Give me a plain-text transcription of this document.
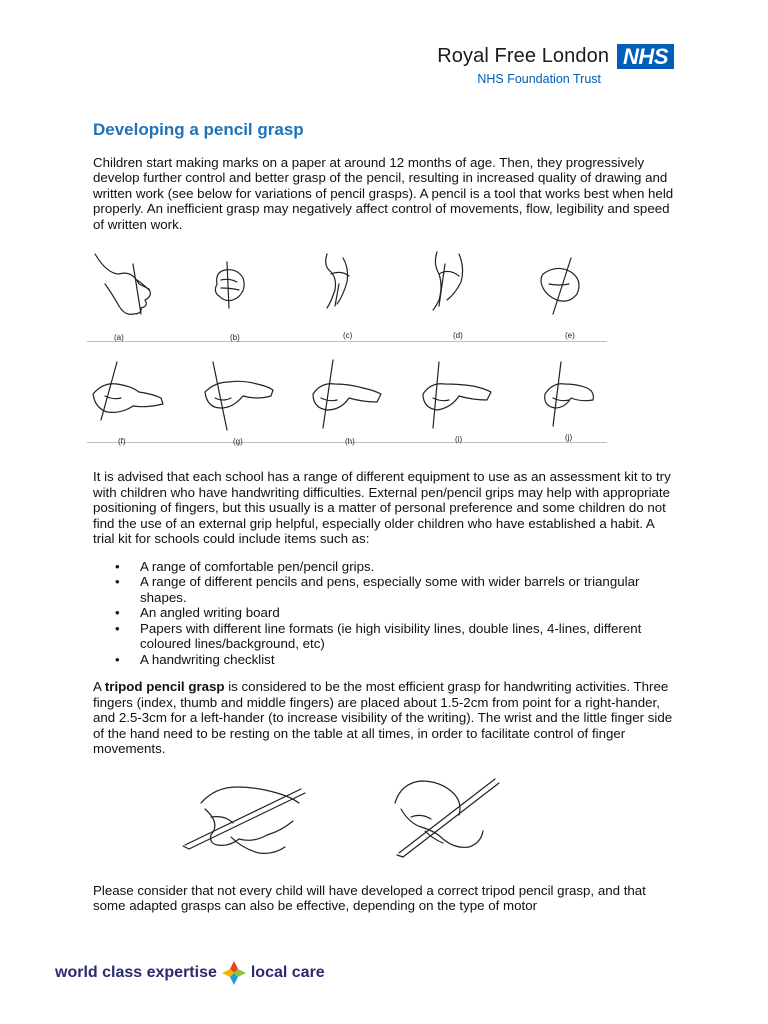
Royal Free London NHS
NHS Foundation Trust
Developing a pencil grasp

Children start making marks on a paper at around 12 months of age. Then, they progressively develop further control and better grasp of the pencil, resulting in increased quality of drawing and written work (see below for variations of pencil grasps). A pencil is a tool that works best when held properly. An inefficient grasp may negatively affect control of movements, flow, legibility and speed of written work.

(a)	(b)	(c)	(d)	(e)
(f)	(g)	(h)	(i)	(j)

It is advised that each school has a range of different equipment to use as an assessment kit to try with children who have handwriting difficulties. External pen/pencil grips may help with appropriate positioning of fingers, but this usually is a matter of personal preference and some children do not find the use of an external grip helpful, especially older children who have established a habit. A trial kit for schools could include items such as:

• A range of comfortable pen/pencil grips.
• A range of different pencils and pens, especially some with wider barrels or triangular shapes.
• An angled writing board
• Papers with different line formats (ie high visibility lines, double lines, 4-lines, different coloured lines/background, etc)
• A handwriting checklist

A tripod pencil grasp is considered to be the most efficient grasp for handwriting activities. Three fingers (index, thumb and middle fingers) are placed about 1.5-2cm from point for a right-hander, and 2.5-3cm for a left-hander (to increase visibility of the writing). The wrist and the little finger side of the hand need to be resting on the table at all times, in order to facilitate control of finger movements.

Please consider that not every child will have developed a correct tripod pencil grasp, and that some adapted grasps can also be effective, depending on the type of motor

world class expertise local care
